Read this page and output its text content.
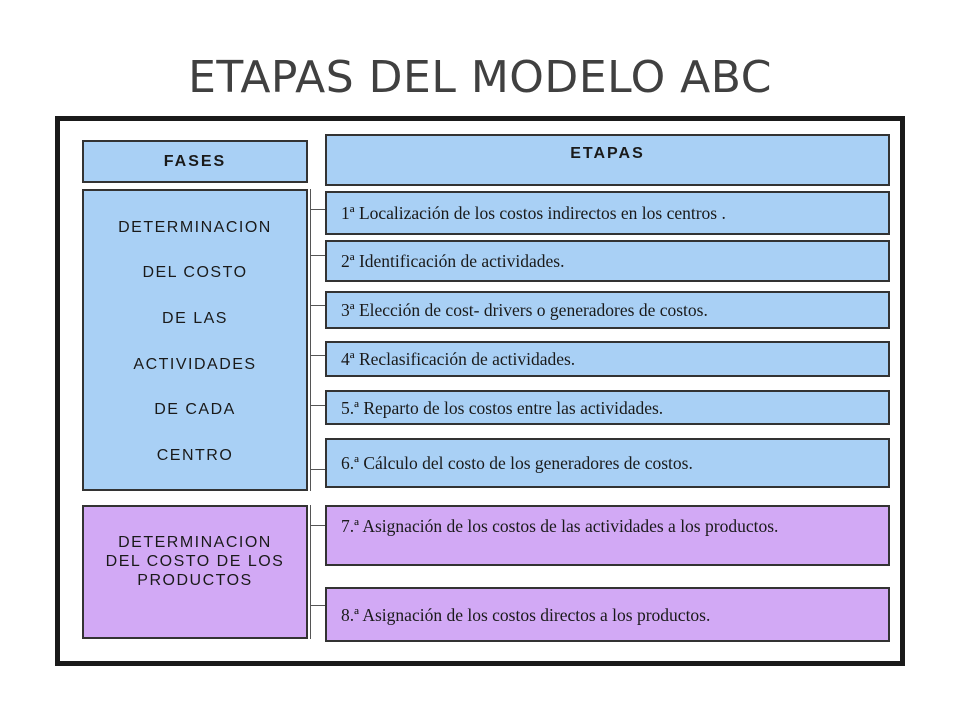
ETAPAS DEL MODELO ABC
FASES	ETAPAS
DETERMINACION
DEL COSTO
DE LAS
ACTIVIDADES
DE CADA
CENTRO
DETERMINACION
DEL COSTO DE LOS
PRODUCTOS
1ª Localización de los costos indirectos en los centros .
2ª Identificación de actividades.
3ª Elección de cost- drivers o generadores de costos.
4ª Reclasificación de actividades.
5.ª Reparto de los costos entre las actividades.
6.ª Cálculo del costo de los generadores de costos.
7.ª Asignación de los costos de las actividades a los productos.
8.ª Asignación de los costos directos a los productos.
